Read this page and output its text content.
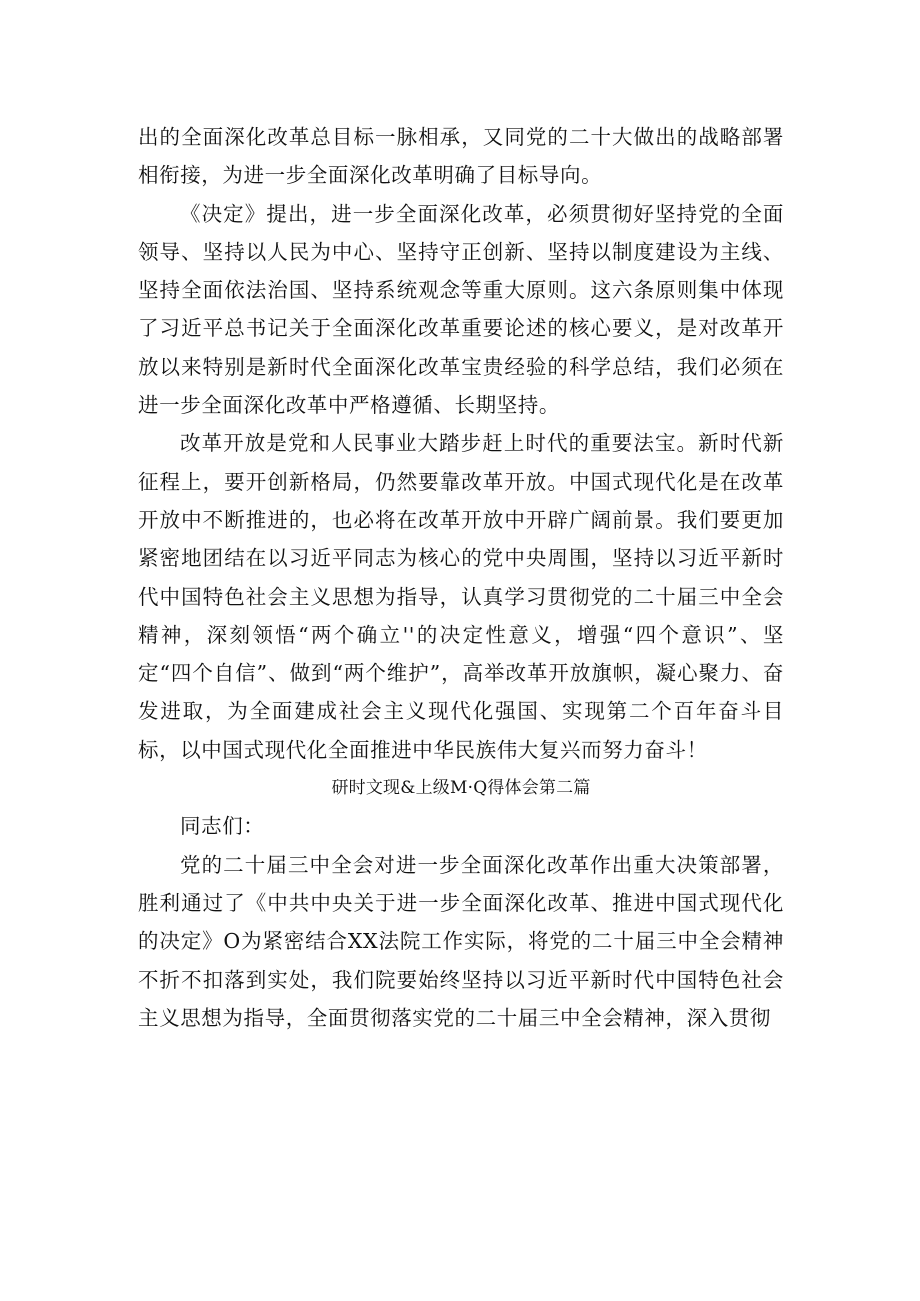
出的全面深化改革总目标一脉相承，又同党的二十大做出的战略部署相衔接，为进一步全面深化改革明确了目标导向。

《决定》提出，进一步全面深化改革，必须贯彻好坚持党的全面领导、坚持以人民为中心、坚持守正创新、坚持以制度建设为主线、坚持全面依法治国、坚持系统观念等重大原则。这六条原则集中体现了习近平总书记关于全面深化改革重要论述的核心要义，是对改革开放以来特别是新时代全面深化改革宝贵经验的科学总结，我们必须在进一步全面深化改革中严格遵循、长期坚持。

改革开放是党和人民事业大踏步赶上时代的重要法宝。新时代新征程上，要开创新格局，仍然要靠改革开放。中国式现代化是在改革开放中不断推进的，也必将在改革开放中开辟广阔前景。我们要更加紧密地团结在以习近平同志为核心的党中央周围，坚持以习近平新时代中国特色社会主义思想为指导，认真学习贯彻党的二十届三中全会精神，深刻领悟“两个确立''的决定性意义，增强“四个意识”、坚定“四个自信”、做到“两个维护”，高举改革开放旗帜，凝心聚力、奋发进取，为全面建成社会主义现代化强国、实现第二个百年奋斗目标，以中国式现代化全面推进中华民族伟大复兴而努力奋斗！

研时文现&上级M·Q得体会第二篇

同志们：

党的二十届三中全会对进一步全面深化改革作出重大决策部署，胜利通过了《中共中央关于进一步全面深化改革、推进中国式现代化的决定》O为紧密结合XX法院工作实际，将党的二十届三中全会精神不折不扣落到实处，我们院要始终坚持以习近平新时代中国特色社会主义思想为指导，全面贯彻落实党的二十届三中全会精神，深入贯彻
